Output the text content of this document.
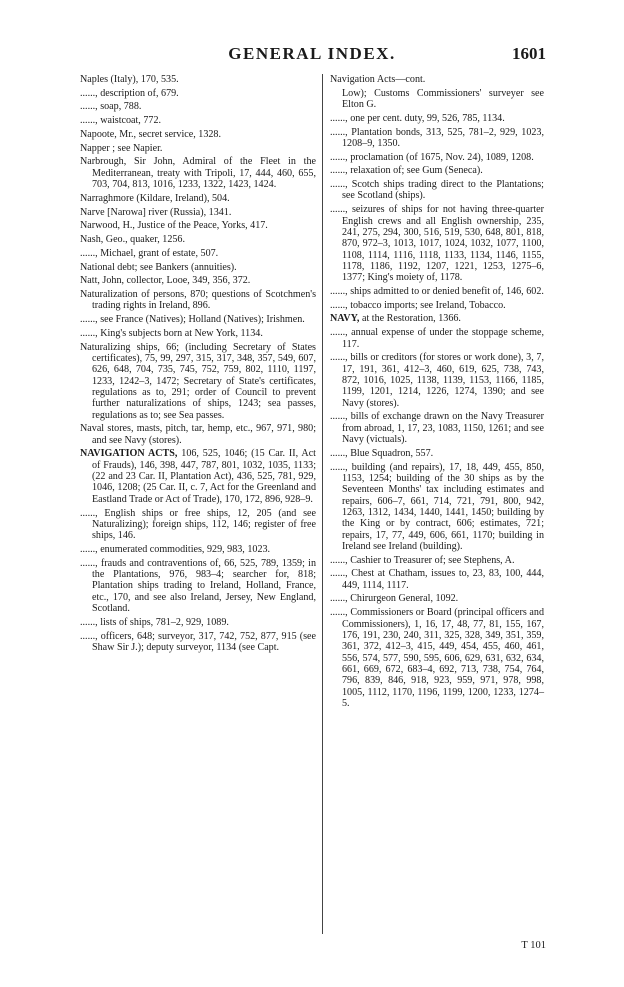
GENERAL INDEX.	1601
Naples (Italy), 170, 535.
......, description of, 679.
......, soap, 788.
......, waistcoat, 772.
Napoote, Mr., secret service, 1328.
Napper ; see Napier.
Narbrough, Sir John, Admiral of the Fleet in the Mediterranean, treaty with Tripoli, 17, 444, 460, 655, 703, 704, 813, 1016, 1233, 1322, 1423, 1424.
Narraghmore (Kildare, Ireland), 504.
Narve [Narowa] river (Russia), 1341.
Narwood, H., Justice of the Peace, Yorks, 417.
Nash, Geo., quaker, 1256.
......, Michael, grant of estate, 507.
National debt; see Bankers (annuities).
Natt, John, collector, Looe, 349, 356, 372.
Naturalization of persons, 870; questions of Scotchmen's trading rights in Ireland, 896.
......, see France (Natives); Holland (Natives); Irishmen.
......, King's subjects born at New York, 1134.
Naturalizing ships, 66; (including Secretary of States certificates), 75, 99, 297, 315, 317, 348, 357, 549, 607, 626, 648, 704, 735, 745, 752, 759, 802, 1110, 1197, 1233, 1242–3, 1472; Secretary of State's certificates, regulations as to, 291; order of Council to prevent further naturalizations of ships, 1243; sea passes, regulations as to; see Sea passes.
Naval stores, masts, pitch, tar, hemp, etc., 967, 971, 980; and see Navy (stores).
NAVIGATION ACTS, 106, 525, 1046; (15 Car. II, Act of Frauds), 146, 398, 447, 787, 801, 1032, 1035, 1133; (22 and 23 Car. II, Plantation Act), 436, 525, 781, 929, 1046, 1208; (25 Car. II, c. 7, Act for the Greenland and Eastland Trade or Act of Trade), 170, 172, 896, 928–9.
......, English ships or free ships, 12, 205 (and see Naturalizing); foreign ships, 112, 146; register of free ships, 146.
......, enumerated commodities, 929, 983, 1023.
......, frauds and contraventions of, 66, 525, 789, 1359; in the Plantations, 976, 983–4; searcher for, 818; Plantation ships trading to Ireland, Holland, France, etc., 170, and see also Ireland, Jersey, New England, Scotland.
......, lists of ships, 781–2, 929, 1089.
......, officers, 648; surveyor, 317, 742, 752, 877, 915 (see Shaw Sir J.); deputy surveyor, 1134 (see Capt.
Navigation Acts—cont.
Low); Customs Commissioners' surveyer see Elton G.
......, one per cent. duty, 99, 526, 785, 1134.
......, Plantation bonds, 313, 525, 781–2, 929, 1023, 1208–9, 1350.
......, proclamation (of 1675, Nov. 24), 1089, 1208.
......, relaxation of; see Gum (Seneca).
......, Scotch ships trading direct to the Plantations; see Scotland (ships).
......, seizures of ships for not having three-quarter English crews and all English ownership, 235, 241, 275, 294, 300, 516, 519, 530, 648, 801, 818, 870, 972–3, 1013, 1017, 1024, 1032, 1077, 1100, 1108, 1114, 1116, 1118, 1133, 1134, 1146, 1155, 1178, 1186, 1192, 1207, 1221, 1253, 1275–6, 1377; King's moiety of, 1178.
......, ships admitted to or denied benefit of, 146, 602.
......, tobacco imports; see Ireland, Tobacco.
NAVY, at the Restoration, 1366.
......, annual expense of under the stoppage scheme, 117.
......, bills or creditors (for stores or work done), 3, 7, 17, 191, 361, 412–3, 460, 619, 625, 738, 743, 872, 1016, 1025, 1138, 1139, 1153, 1166, 1185, 1199, 1201, 1214, 1226, 1274, 1390; and see Navy (stores).
......, bills of exchange drawn on the Navy Treasurer from abroad, 1, 17, 23, 1083, 1150, 1261; and see Navy (victuals).
......, Blue Squadron, 557.
......, building (and repairs), 17, 18, 449, 455, 850, 1153, 1254; building of the 30 ships as by the Seventeen Months' tax including estimates and repairs, 606–7, 661, 714, 721, 791, 800, 942, 1263, 1312, 1434, 1440, 1441, 1450; building by the King or by contract, 606; estimates, 721; repairs, 17, 77, 449, 606, 661, 1170; building in Ireland see Ireland (building).
......, Cashier to Treasurer of; see Stephens, A.
......, Chest at Chatham, issues to, 23, 83, 100, 444, 449, 1114, 1117.
......, Chirurgeon General, 1092.
......, Commissioners or Board (principal officers and Commissioners), 1, 16, 17, 48, 77, 81, 155, 167, 176, 191, 230, 240, 311, 325, 328, 349, 351, 359, 361, 372, 412–3, 415, 449, 454, 455, 460, 461, 556, 574, 577, 590, 595, 606, 629, 631, 632, 634, 661, 669, 672, 683–4, 692, 713, 738, 754, 764, 796, 839, 846, 918, 923, 959, 971, 978, 998, 1005, 1112, 1170, 1196, 1199, 1200, 1233, 1274–5.
T 101
